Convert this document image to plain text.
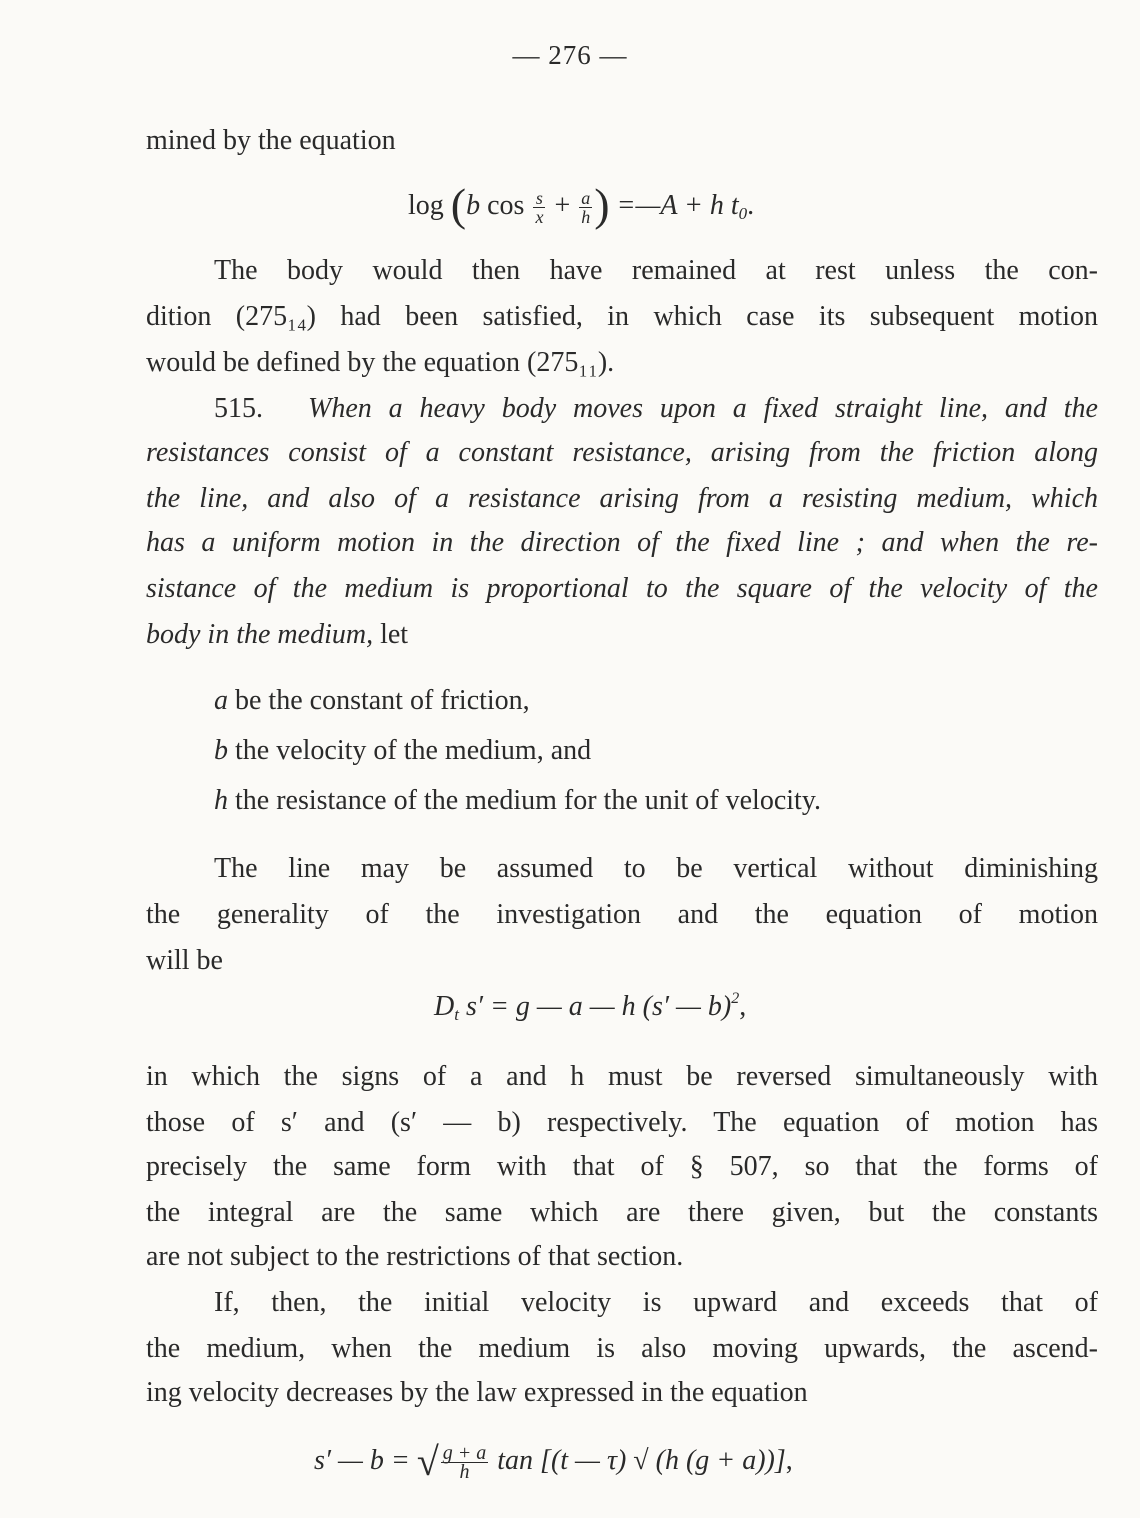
— 276 —
mined by the equation
log (b $\cos \frac{s}{x} + \frac{a}{h}$ ) =—A + h $t_0$.
The body would then have remained at rest unless the con-
dition (275₁₄) had been satisfied, in which case its subsequent motion
would be defined by the equation (275₁₁).
515. When a heavy body moves upon a fixed straight line, and the
resistances consist of a constant resistance, arising from the friction along
the line, and also of a resistance arising from a resisting medium, which
has a uniform motion in the direction of the fixed line ; and when the re-
sistance of the medium is proportional to the square of the velocity of the
body in the medium, let
a be the constant of friction,
b the velocity of the medium, and
h the resistance of the medium for the unit of velocity.
The line may be assumed to be vertical without diminishing
the generality of the investigation and the equation of motion
will be
$D_t$ s′ = g — a — h (s′ — b)$^2$,
in which the signs of a and h must be reversed simultaneously with
those of s′ and (s′ — b) respectively. The equation of motion has
precisely the same form with that of § 507, so that the forms of
the integral are the same which are there given, but the constants
are not subject to the restrictions of that section.
If, then, the initial velocity is upward and exceeds that of
the medium, when the medium is also moving upwards, the ascend-
ing velocity decreases by the law expressed in the equation
s′ — b = √ $\frac{g + a}{h}$ tan [(t — τ) √ (h (g + a))],
